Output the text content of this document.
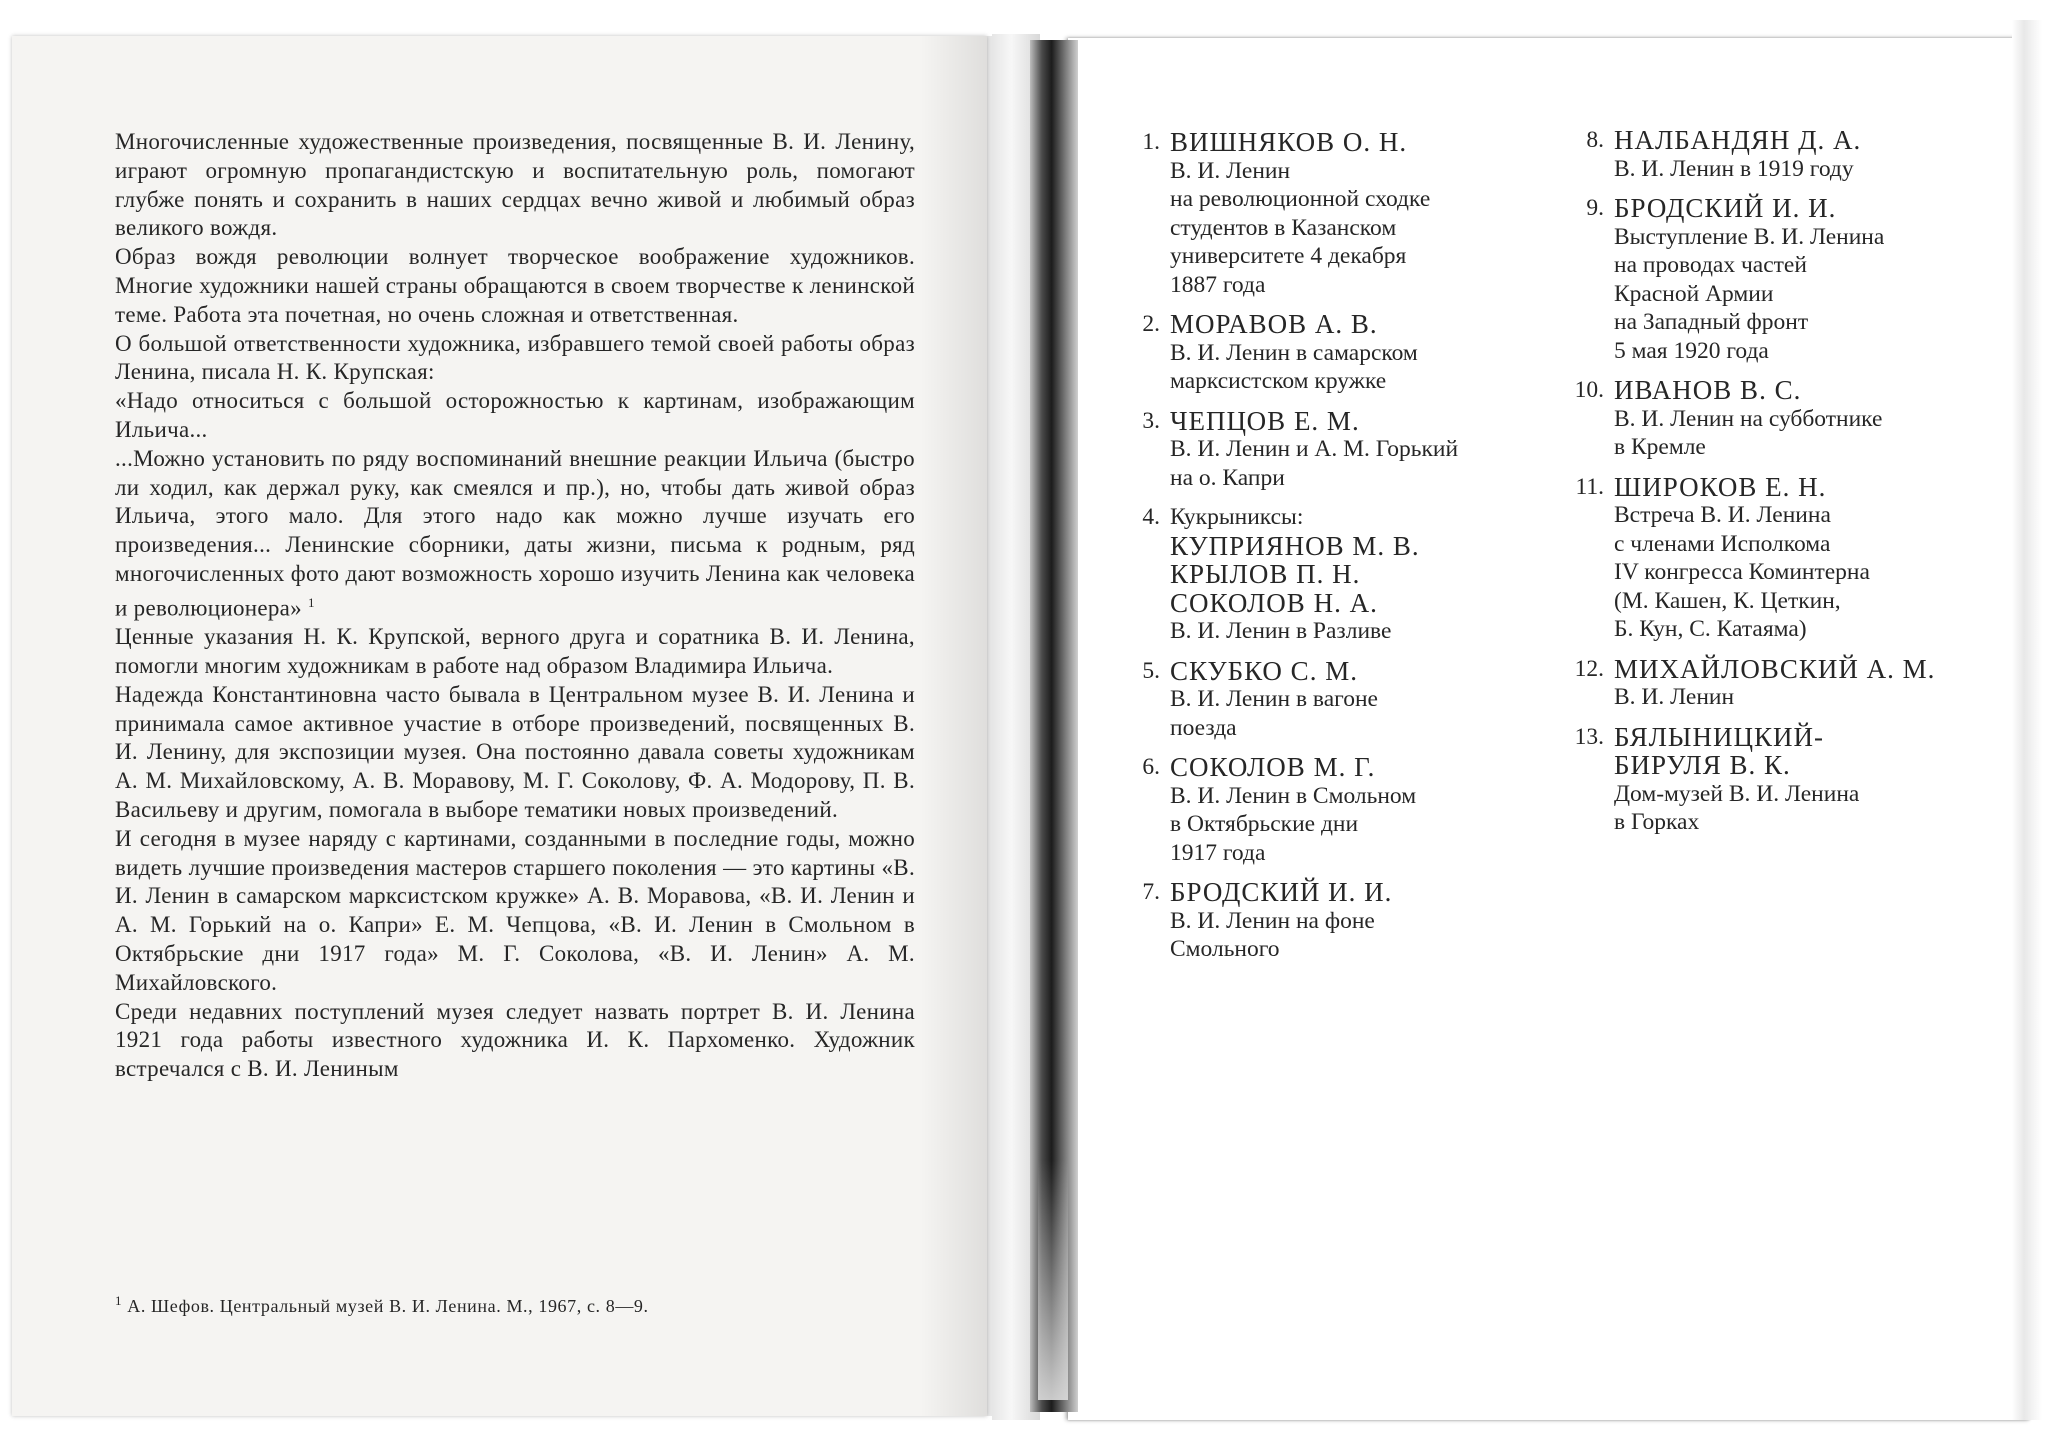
Многочисленные художественные произведения, посвященные В. И. Ленину, играют огромную пропагандистскую и воспитательную роль, помогают глубже понять и сохранить в наших сердцах вечно живой и любимый образ великого вождя.

Образ вождя революции волнует творческое воображение художников. Многие художники нашей страны обращаются в своем творчестве к ленинской теме. Работа эта почетная, но очень сложная и ответственная.

О большой ответственности художника, избравшего темой своей работы образ Ленина, писала Н. К. Крупская:

«Надо относиться с большой осторожностью к картинам, изображающим Ильича...

...Можно установить по ряду воспоминаний внешние реакции Ильича (быстро ли ходил, как держал руку, как смеялся и пр.), но, чтобы дать живой образ Ильича, этого мало. Для этого надо как можно лучше изучать его произведения... Ленинские сборники, даты жизни, письма к родным, ряд многочисленных фото дают возможность хорошо изучить Ленина как человека и революционера» $^1$

Ценные указания Н. К. Крупской, верного друга и соратника В. И. Ленина, помогли многим художникам в работе над образом Владимира Ильича.

Надежда Константиновна часто бывала в Центральном музее В. И. Ленина и принимала самое активное участие в отборе произведений, посвященных В. И. Ленину, для экспозиции музея. Она постоянно давала советы художникам А. М. Михайловскому, А. В. Моравову, М. Г. Соколову, Ф. А. Модорову, П. В. Васильеву и другим, помогала в выборе тематики новых произведений.

И сегодня в музее наряду с картинами, созданными в последние годы, можно видеть лучшие произведения мастеров старшего поколения — это картины «В. И. Ленин в самарском марксистском кружке» А. В. Моравова, «В. И. Ленин и А. М. Горький на о. Капри» Е. М. Чепцова, «В. И. Ленин в Смольном в Октябрьские дни 1917 года» М. Г. Соколова, «В. И. Ленин» А. М. Михайловского.

Среди недавних поступлений музея следует назвать портрет В. И. Ленина 1921 года работы известного художника И. К. Пархоменко. Художник встречался с В. И. Лениным

$^1$ А. Шефов. Центральный музей В. И. Ленина. М., 1967, с. 8—9.
1. ВИШНЯКОВ О. Н.
В. И. Ленин
на революционной сходке
студентов в Казанском
университете 4 декабря
1887 года
2. МОРАВОВ А. В.
В. И. Ленин в самарском
марксистском кружке
3. ЧЕПЦОВ Е. М.
В. И. Ленин и А. М. Горький
на о. Капри
4. Кукрыниксы:
КУПРИЯНОВ М. В.
КРЫЛОВ П. Н.
СОКОЛОВ Н. А.
В. И. Ленин в Разливе
5. СКУБКО С. М.
В. И. Ленин в вагоне
поезда
6. СОКОЛОВ М. Г.
В. И. Ленин в Смольном
в Октябрьские дни
1917 года
7. БРОДСКИЙ И. И.
В. И. Ленин на фоне
Смольного
8. НАЛБАНДЯН Д. А.
В. И. Ленин в 1919 году
9. БРОДСКИЙ И. И.
Выступление В. И. Ленина
на проводах частей
Красной Армии
на Западный фронт
5 мая 1920 года
10. ИВАНОВ В. С.
В. И. Ленин на субботнике
в Кремле
11. ШИРОКОВ Е. Н.
Встреча В. И. Ленина
с членами Исполкома
IV конгресса Коминтерна
(М. Кашен, К. Цеткин,
Б. Кун, С. Катаяма)
12. МИХАЙЛОВСКИЙ А. М.
В. И. Ленин
13. БЯЛЫНИЦКИЙ-
БИРУЛЯ В. К.
Дом-музей В. И. Ленина
в Горках
